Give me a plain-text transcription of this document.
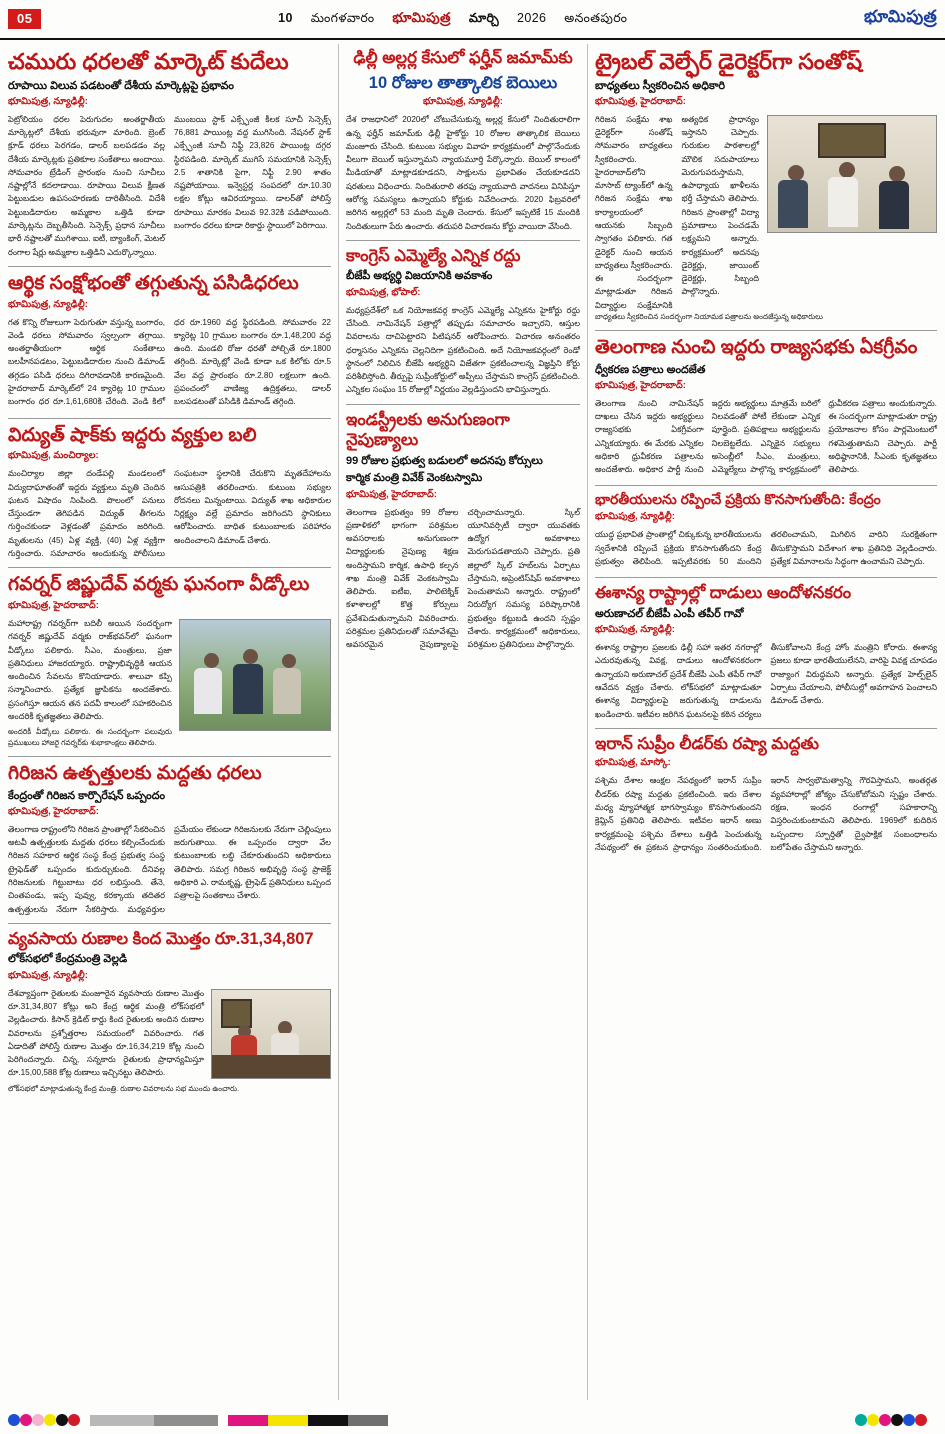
05	10 మంగళవారం భూమిపుత్ర మార్చి 2026 అనంతపురం	భూమిపుత్ర
చమురు ధరలతో మార్కెట్ కుదేలు
రూపాయి విలువ పడటంతో దేశీయ మార్కెట్లపై ప్రభావం
భూమిపుత్ర, న్యూఢిల్లీ:

పెట్రోలియం ధరల పెరుగుదల అంతర్జాతీయ మార్కెట్లలో దేశీయ భరువుగా మారింది. బ్రెంట్ క్రూడ్ ధరలు పెరగడం, డాలర్ బలపడడం వల్ల దేశీయ మార్కెట్లకు ప్రతికూల సంకేతాలు అందాయి. సోమవారం ట్రేడింగ్ ప్రారంభం నుంచి సూచీలు నష్టాల్లోనే కదలాడాయి. రూపాయి విలువ క్షీణత పెట్టుబడుల ఉపసంహరణకు దారితీసింది. విదేశీ పెట్టుబడిదారుల అమ్మకాల ఒత్తిడి కూడా మార్కెట్లను దెబ్బతీసింది. సెన్సెక్స్ ప్రధాన సూచీలు భారీ నష్టాలతో ముగిశాయి. ఐటీ, బ్యాంకింగ్, మెటల్ రంగాల షేర్లు అమ్మకాల ఒత్తిడిని ఎదుర్కొన్నాయి.

ముంబయి స్టాక్ ఎక్స్ఛేంజీ కీలక సూచీ సెన్సెక్స్ 76,881 పాయింట్ల వద్ద ముగిసింది. నేషనల్ స్టాక్ ఎక్స్ఛేంజీ సూచీ నిఫ్టీ 23,826 పాయింట్ల దగ్గర స్థిరపడింది. మార్కెట్ ముగిసే సమయానికి సెన్సెక్స్ 2.5 శాతానికి పైగా, నిఫ్టీ 2.90 శాతం నష్టపోయాయి. ఇన్వెస్టర్ల సంపదలో రూ.10.30 లక్షల కోట్లు ఆవిరయ్యాయి. డాలర్‌తో పోలిస్తే రూపాయి మారకం విలువ 92.32కి పడిపోయింది. బంగారం ధరలు కూడా రికార్డు స్థాయిలో పెరిగాయి.

ఆర్థిక సంక్షోభంతో తగ్గుతున్న పసిడిధరలు
భూమిపుత్ర, న్యూఢిల్లీ:

గత కొన్ని రోజులుగా పెరుగుతూ వస్తున్న బంగారం, వెండి ధరలు సోమవారం స్వల్పంగా తగ్గాయి. అంతర్జాతీయంగా ఆర్థిక సంకేతాలు బలహీనపడటం, పెట్టుబడిదారుల నుంచి డిమాండ్ తగ్గడం పసిడి ధరలు దిగిరావడానికి కారణమైంది. హైదరాబాద్ మార్కెట్‌లో 24 క్యారెట్ల 10 గ్రాముల బంగారం ధర రూ.1,61,680కి చేరింది. వెండి కిలో ధర రూ.1960 వద్ద స్థిరపడింది. సోమవారం 22 క్యారెట్ల 10 గ్రాముల బంగారం రూ.1,48,200 వద్ద ఉంది. మండలి రోజు ధరతో పోల్చితే రూ.1800 తగ్గింది. మార్కెట్లో వెండి కూడా ఒక కిలోకు రూ.5 వేల వద్ద ప్రారంభం రూ.2.80 లక్షలుగా ఉంది. ప్రపంచంలో వాణిజ్య ఉద్రిక్తతలు, డాలర్ బలపడటంతో పసిడికి డిమాండ్ తగ్గింది.

విద్యుత్ షాక్‌కు ఇద్దరు వ్యక్తుల బలి
భూమిపుత్ర, మంచిర్యాల:

మంచిర్యాల జిల్లా దండేపల్లి మండలంలో విద్యుదాఘాతంతో ఇద్దరు వ్యక్తులు మృతి చెందిన ఘటన విషాదం నింపింది. పొలంలో పనులు చేస్తుండగా తెగిపడిన విద్యుత్ తీగలను గుర్తించకుండా వెళ్లడంతో ప్రమాదం జరిగింది. మృతులను (45) ఏళ్ల వ్యక్తి, (40) ఏళ్ల వ్యక్తిగా గుర్తించారు. సమాచారం అందుకున్న పోలీసులు సంఘటనా స్థలానికి చేరుకొని మృతదేహాలను ఆసుపత్రికి తరలించారు. కుటుంబ సభ్యుల రోదనలు మిన్నంటాయి. విద్యుత్ శాఖ అధికారుల నిర్లక్ష్యం వల్లే ప్రమాదం జరిగిందని స్థానికులు ఆరోపించారు. బాధిత కుటుంబాలకు పరిహారం అందించాలని డిమాండ్ చేశారు.

గవర్నర్ జిష్ణుదేవ్ వర్మకు ఘనంగా వీడ్కోలు
భూమిపుత్ర, హైదరాబాద్:

మహారాష్ట్ర గవర్నర్‌గా బదిలీ అయిన సందర్భంగా గవర్నర్ జిష్ణుదేవ్ వర్మకు రాజ్‌భవన్‌లో ఘనంగా వీడ్కోలు పలికారు. సీఎం, మంత్రులు, ప్రజా ప్రతినిధులు హాజరయ్యారు. రాష్ట్రాభివృద్ధికి ఆయన అందించిన సేవలను కొనియాడారు. శాలువా కప్పి సన్మానించారు. ప్రత్యేక జ్ఞాపికను అందజేశారు. ప్రసంగిస్తూ ఆయన తన పదవీ కాలంలో సహకరించిన అందరికీ కృతజ్ఞతలు తెలిపారు.

అందరికీ వీడ్కోలు పలికారు. ఈ సందర్భంగా పలువురు ప్రముఖులు హాజరై గవర్నర్‌కు శుభాకాంక్షలు తెలిపారు.
గిరిజన ఉత్పత్తులకు మద్దతు ధరలు
కేంద్రంతో గిరిజన కార్పొరేషన్ ఒప్పందం
భూమిపుత్ర, హైదరాబాద్:

తెలంగాణ రాష్ట్రంలోని గిరిజన ప్రాంతాల్లో సేకరించిన అటవీ ఉత్పత్తులకు మద్దతు ధరలు కల్పించేందుకు గిరిజన సహకార ఆర్థిక సంస్థ కేంద్ర ప్రభుత్వ సంస్థ ట్రైఫెడ్‌తో ఒప్పందం కుదుర్చుకుంది. దీనివల్ల గిరిజనులకు గిట్టుబాటు ధర లభిస్తుంది. తేనె, చింతపండు, ఇప్ప పువ్వు, కరక్కాయ తదితర ఉత్పత్తులను నేరుగా సేకరిస్తారు. మధ్యవర్తుల ప్రమేయం లేకుండా గిరిజనులకు నేరుగా చెల్లింపులు జరుగుతాయి. ఈ ఒప్పందం ద్వారా వేల కుటుంబాలకు లబ్ధి చేకూరుతుందని అధికారులు తెలిపారు. సమగ్ర గిరిజన అభివృద్ధి సంస్థ ప్రాజెక్ట్ అధికారి ఎ. రామకృష్ణ, ట్రైఫెడ్ ప్రతినిధులు ఒప్పంద పత్రాలపై సంతకాలు చేశారు.

వ్యవసాయ రుణాల కింద మొత్తం రూ.31,34,807
లోక్‌సభలో కేంద్రమంత్రి వెల్లడి
భూమిపుత్ర, న్యూఢిల్లీ:

దేశవ్యాప్తంగా రైతులకు మంజూరైన వ్యవసాయ రుణాల మొత్తం రూ.31,34,807 కోట్లు అని కేంద్ర ఆర్థిక మంత్రి లోక్‌సభలో వెల్లడించారు. కిసాన్ క్రెడిట్ కార్డు కింద రైతులకు అందిన రుణాల వివరాలను ప్రశ్నోత్తరాల సమయంలో వివరించారు. గత ఏడాదితో పోలిస్తే రుణాల మొత్తం రూ.16,34,219 కోట్ల నుంచి పెరిగిందన్నారు. చిన్న, సన్నకారు రైతులకు ప్రాధాన్యమిస్తూ రూ.15,00,588 కోట్ల రుణాలు ఇచ్చినట్టు తెలిపారు.

లోక్‌సభలో మాట్లాడుతున్న కేంద్ర మంత్రి. రుణాల వివరాలను సభ ముందు ఉంచారు.
ఢిల్లీ అల్లర్ల కేసులో ఫర్హీన్ జమామ్‌కు
10 రోజుల తాత్కాలిక బెయిలు
భూమిపుత్ర, న్యూఢిల్లీ:

దేశ రాజధానిలో 2020లో చోటుచేసుకున్న అల్లర్ల కేసులో నిందితురాలిగా ఉన్న ఫర్హీన్ జమామ్‌కు ఢిల్లీ హైకోర్టు 10 రోజుల తాత్కాలిక బెయిలు మంజూరు చేసింది. కుటుంబ సభ్యుల వివాహ కార్యక్రమంలో పాల్గొనేందుకు వీలుగా బెయిల్ ఇస్తున్నామని న్యాయమూర్తి పేర్కొన్నారు. బెయిల్ కాలంలో మీడియాతో మాట్లాడకూడదని, సాక్షులను ప్రభావితం చేయకూడదని షరతులు విధించారు. నిందితురాలి తరఫు న్యాయవాది వాదనలు వినిపిస్తూ ఆరోగ్య సమస్యలు ఉన్నాయని కోర్టుకు నివేదించారు. 2020 ఫిబ్రవరిలో జరిగిన అల్లర్లలో 53 మంది మృతి చెందారు. కేసులో ఇప్పటికే 15 మందికి నిందితులుగా పేరు ఉంచారు. తదుపరి విచారణను కోర్టు వాయిదా వేసింది.

కాంగ్రెస్ ఎమ్మెల్యే ఎన్నిక రద్దు
బీజేపీ అభ్యర్థి విజయానికి అవకాశం
భూమిపుత్ర, భోపాల్:

మధ్యప్రదేశ్‌లో ఒక నియోజకవర్గ కాంగ్రెస్ ఎమ్మెల్యే ఎన్నికను హైకోర్టు రద్దు చేసింది. నామినేషన్ పత్రాల్లో తప్పుడు సమాచారం ఇచ్చారని, ఆస్తుల వివరాలను దాచిపెట్టారని పిటిషనర్ ఆరోపించారు. విచారణ అనంతరం ధర్మాసనం ఎన్నికను చెల్లనిదిగా ప్రకటించింది. అదే నియోజకవర్గంలో రెండో స్థానంలో నిలిచిన బీజేపీ అభ్యర్థిని విజేతగా ప్రకటించాలన్న విజ్ఞప్తిని కోర్టు పరిశీలిస్తోంది. తీర్పుపై సుప్రీంకోర్టులో అప్పీలు చేస్తామని కాంగ్రెస్ ప్రకటించింది. ఎన్నికల సంఘం 15 రోజుల్లో నిర్ణయం వెల్లడిస్తుందని భావిస్తున్నారు.

ఇండస్ట్రీలకు అనుగుణంగా నైపుణ్యాలు
99 రోజుల ప్రభుత్వ బడులలో అదనపు కోర్సులు
కార్మిక మంత్రి వివేక్ వెంకటస్వామి
భూమిపుత్ర, హైదరాబాద్:

తెలంగాణ ప్రభుత్వం 99 రోజుల ప్రణాళికలో భాగంగా పరిశ్రమల అవసరాలకు అనుగుణంగా విద్యార్థులకు నైపుణ్య శిక్షణ అందిస్తామని కార్మిక, ఉపాధి కల్పన శాఖ మంత్రి వివేక్ వెంకటస్వామి తెలిపారు. ఐటీఐ, పాలిటెక్నిక్ కళాశాలల్లో కొత్త కోర్సులు ప్రవేశపెడుతున్నామని వివరించారు. పరిశ్రమల ప్రతినిధులతో సమావేశమై అవసరమైన నైపుణ్యాలపై చర్చించామన్నారు. స్కిల్ యూనివర్సిటీ ద్వారా యువతకు ఉద్యోగ అవకాశాలు మెరుగుపడతాయని చెప్పారు. ప్రతి జిల్లాలో స్కిల్ హబ్‌లను ఏర్పాటు చేస్తామని, అప్రెంటిస్‌షిప్ అవకాశాలు పెంచుతామని అన్నారు. రాష్ట్రంలో నిరుద్యోగ సమస్య పరిష్కారానికి ప్రభుత్వం కట్టుబడి ఉందని స్పష్టం చేశారు. కార్యక్రమంలో అధికారులు, పరిశ్రమల ప్రతినిధులు పాల్గొన్నారు.

ట్రైబల్ వెల్ఫేర్ డైరెక్టర్‌గా సంతోష్
బాధ్యతలు స్వీకరించిన అధికారి
భూమిపుత్ర, హైదరాబాద్:

గిరిజన సంక్షేమ శాఖ డైరెక్టర్‌గా సంతోష్ సోమవారం బాధ్యతలు స్వీకరించారు. హైదరాబాద్‌లోని మాసాబ్ ట్యాంక్‌లో ఉన్న గిరిజన సంక్షేమ శాఖ కార్యాలయంలో ఆయనకు సిబ్బంది స్వాగతం పలికారు. గత డైరెక్టర్ నుంచి ఆయన బాధ్యతలు స్వీకరించారు. ఈ సందర్భంగా మాట్లాడుతూ గిరిజన విద్యార్థుల సంక్షేమానికి అత్యధిక ప్రాధాన్యం ఇస్తానని చెప్పారు. గురుకుల పాఠశాలల్లో మౌలిక సదుపాయాలు మెరుగుపరుస్తామని, ఉపాధ్యాయ ఖాళీలను భర్తీ చేస్తామని తెలిపారు. గిరిజన ప్రాంతాల్లో విద్యా ప్రమాణాలు పెంచడమే లక్ష్యమని అన్నారు. కార్యక్రమంలో అదనపు డైరెక్టర్లు, జాయింట్ డైరెక్టర్లు, సిబ్బంది పాల్గొన్నారు.

బాధ్యతలు స్వీకరించిన సందర్భంగా నియామక పత్రాలను అందజేస్తున్న అధికారులు
తెలంగాణ నుంచి ఇద్దరు రాజ్యసభకు ఏకగ్రీవం
ధ్వీకరణ పత్రాలు అందజేత
భూమిపుత్ర, హైదరాబాద్:

తెలంగాణ నుంచి నామినేషన్ దాఖలు చేసిన ఇద్దరు అభ్యర్థులు రాజ్యసభకు ఏకగ్రీవంగా ఎన్నికయ్యారు. ఈ మేరకు ఎన్నికల అధికారి ధ్రువీకరణ పత్రాలను అందజేశారు. అధికార పార్టీ నుంచి ఇద్దరు అభ్యర్థులు మాత్రమే బరిలో నిలవడంతో పోటీ లేకుండా ఎన్నిక పూర్తైంది. ప్రతిపక్షాలు అభ్యర్థులను నిలబెట్టలేదు. ఎన్నికైన సభ్యులు అసెంబ్లీలో సీఎం, మంత్రులు, ఎమ్మెల్యేలు పాల్గొన్న కార్యక్రమంలో ధ్రువీకరణ పత్రాలు అందుకున్నారు. ఈ సందర్భంగా మాట్లాడుతూ రాష్ట్ర ప్రయోజనాల కోసం పార్లమెంటులో గళమెత్తుతామని చెప్పారు. పార్టీ అధిష్ఠానానికి, సీఎంకు కృతజ్ఞతలు తెలిపారు.

భారతీయులను రప్పించే ప్రక్రియ కొనసాగుతోంది: కేంద్రం
భూమిపుత్ర, న్యూఢిల్లీ:

యుద్ధ ప్రభావిత ప్రాంతాల్లో చిక్కుకున్న భారతీయులను స్వదేశానికి రప్పించే ప్రక్రియ కొనసాగుతోందని కేంద్ర ప్రభుత్వం తెలిపింది. ఇప్పటివరకు 50 మందిని తరలించామని, మిగిలిన వారిని సురక్షితంగా తీసుకొస్తామని విదేశాంగ శాఖ ప్రతినిధి వెల్లడించారు. ప్రత్యేక విమానాలను సిద్ధంగా ఉంచామని చెప్పారు.

ఈశాన్య రాష్ట్రాల్లో దాడులు ఆందోళనకరం
అరుణాచల్ బీజేపీ ఎంపీ తపీర్ గావో
భూమిపుత్ర, న్యూఢిల్లీ:

ఈశాన్య రాష్ట్రాల ప్రజలకు ఢిల్లీ సహా ఇతర నగరాల్లో ఎదురవుతున్న వివక్ష, దాడులు ఆందోళనకరంగా ఉన్నాయని అరుణాచల్ ప్రదేశ్ బీజేపీ ఎంపీ తపీర్ గావో ఆవేదన వ్యక్తం చేశారు. లోక్‌సభలో మాట్లాడుతూ ఈశాన్య విద్యార్థులపై జరుగుతున్న దాడులను ఖండించారు. ఇటీవల జరిగిన ఘటనలపై కఠిన చర్యలు తీసుకోవాలని కేంద్ర హోం మంత్రిని కోరారు. ఈశాన్య ప్రజలు కూడా భారతీయులేనని, వారిపై వివక్ష చూపడం రాజ్యాంగ విరుద్ధమని అన్నారు. ప్రత్యేక హెల్ప్‌లైన్ ఏర్పాటు చేయాలని, పోలీసుల్లో అవగాహన పెంచాలని డిమాండ్ చేశారు.

ఇరాన్ సుప్రీం లీడర్‌కు రష్యా మద్దతు
భూమిపుత్ర, మాస్కో:

పశ్చిమ దేశాల ఆంక్షల నేపథ్యంలో ఇరాన్ సుప్రీం లీడర్‌కు రష్యా మద్దతు ప్రకటించింది. ఇరు దేశాల మధ్య వ్యూహాత్మక భాగస్వామ్యం కొనసాగుతుందని క్రెమ్లిన్ ప్రతినిధి తెలిపారు. ఇటీవల ఇరాన్ అణు కార్యక్రమంపై పశ్చిమ దేశాలు ఒత్తిడి పెంచుతున్న నేపథ్యంలో ఈ ప్రకటన ప్రాధాన్యం సంతరించుకుంది. ఇరాన్ సార్వభౌమత్వాన్ని గౌరవిస్తామని, అంతర్గత వ్యవహారాల్లో జోక్యం చేసుకోబోమని స్పష్టం చేశారు. రక్షణ, ఇంధన రంగాల్లో సహకారాన్ని విస్తరించుకుంటామని తెలిపారు. 1969లో కుదిరిన ఒప్పందాల స్ఫూర్తితో ద్వైపాక్షిక సంబంధాలను బలోపేతం చేస్తామని అన్నారు.
